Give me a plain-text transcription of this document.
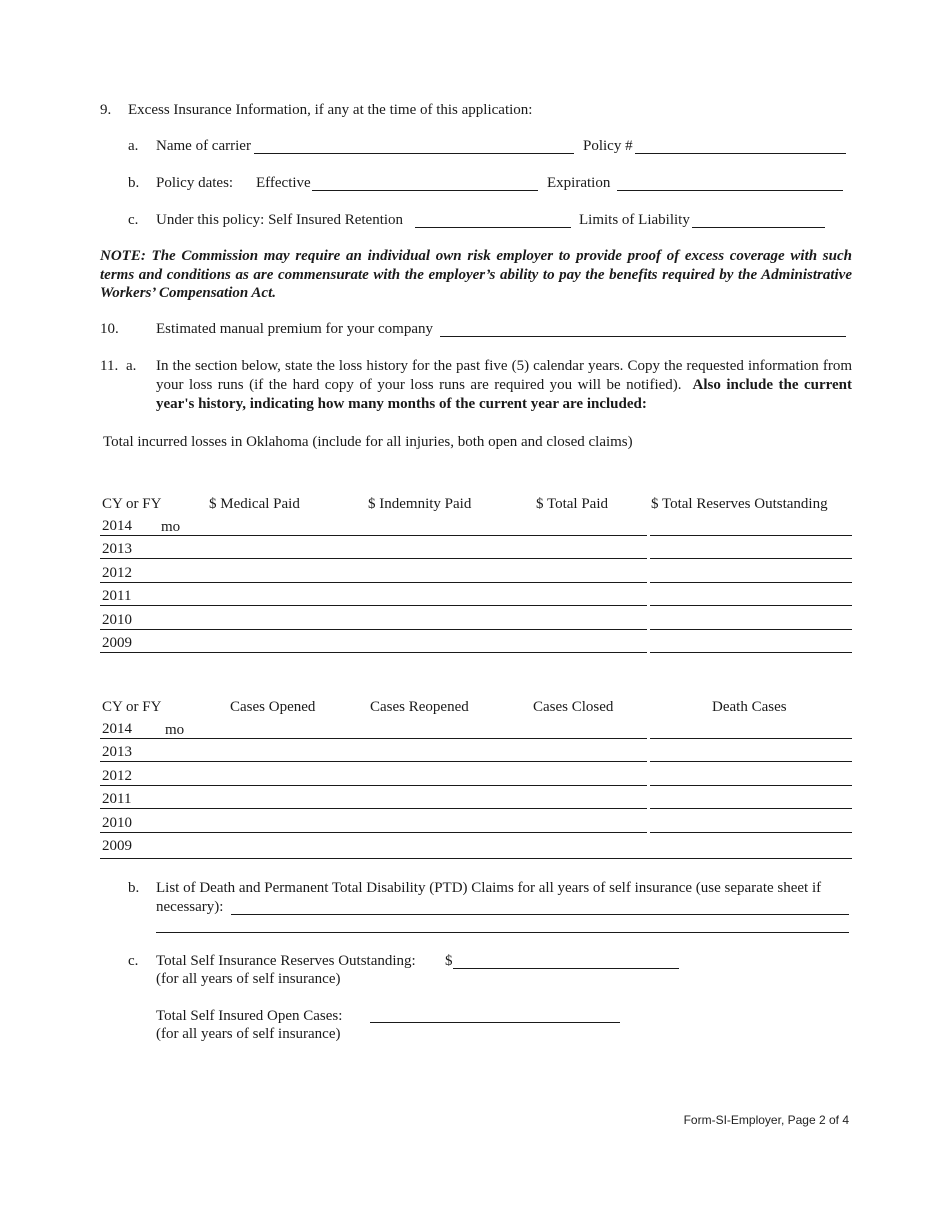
9. Excess Insurance Information, if any at the time of this application:
a. Name of carrier	Policy #
b. Policy dates: Effective	Expiration
c. Under this policy: Self Insured Retention	Limits of Liability
NOTE: The Commission may require an individual own risk employer to provide proof of excess coverage with such terms and conditions as are commensurate with the employer’s ability to pay the benefits required by the Administrative Workers’ Compensation Act.
10. Estimated manual premium for your company
11. a. In the section below, state the loss history for the past five (5) calendar years. Copy the requested information from your loss runs (if the hard copy of your loss runs are required you will be notified). Also include the current year's history, indicating how many months of the current year are included:
Total incurred losses in Oklahoma (include for all injuries, both open and closed claims)
CY or FY	$ Medical Paid	$ Indemnity Paid	$ Total Paid	$ Total Reserves Outstanding
2014 mo
2013
2012
2011
2010
2009
CY or FY	Cases Opened	Cases Reopened	Cases Closed	Death Cases
2014 mo
2013
2012
2011
2010
2009
b. List of Death and Permanent Total Disability (PTD) Claims for all years of self insurance (use separate sheet if
necessary):
c. Total Self Insurance Reserves Outstanding: $
(for all years of self insurance)
Total Self Insured Open Cases:
(for all years of self insurance)
Form-SI-Employer, Page 2 of 4
